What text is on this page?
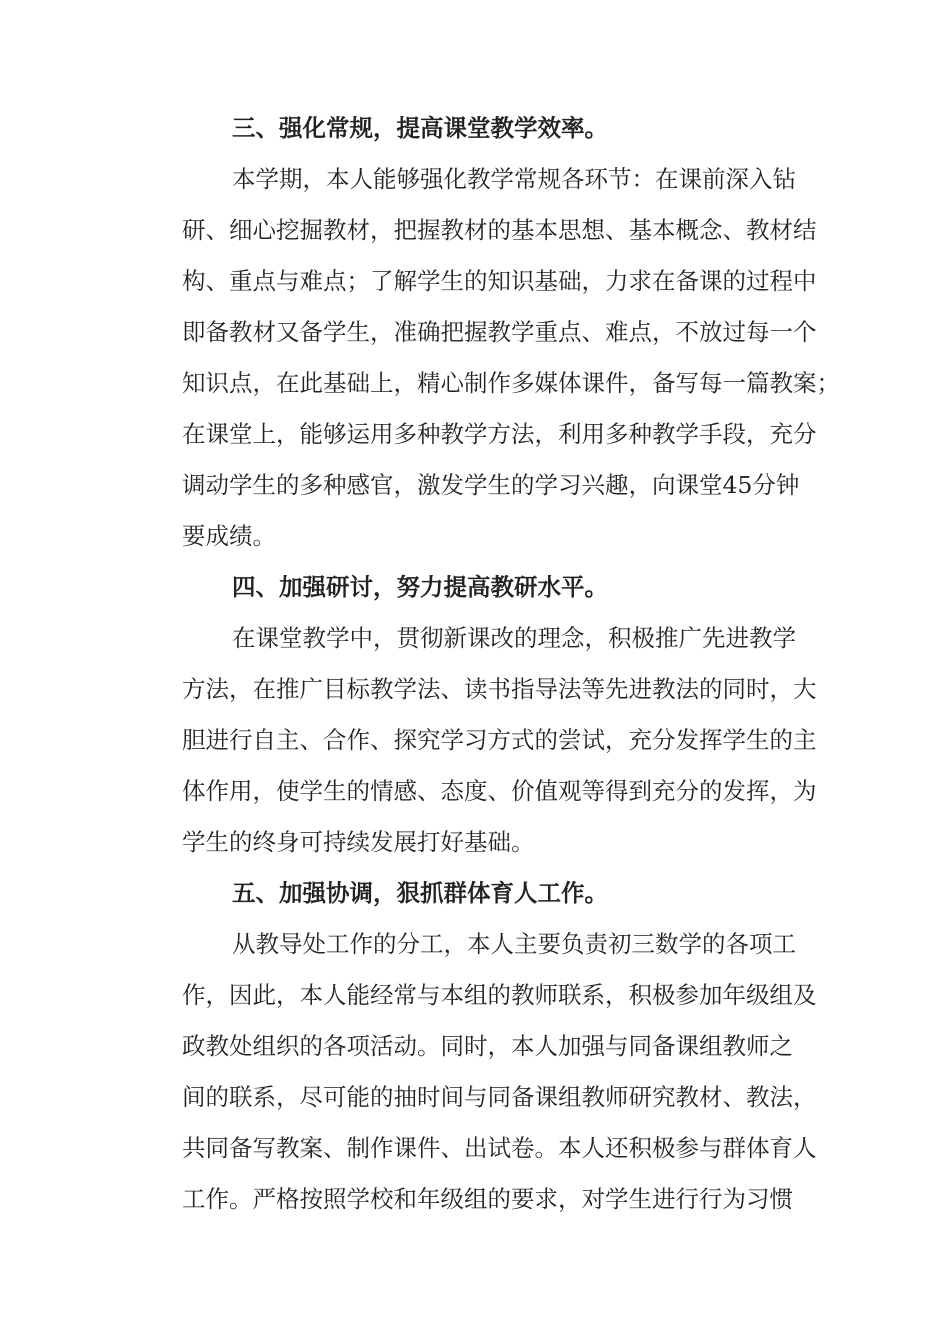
三、强化常规，提高课堂教学效率。
本学期，本人能够强化教学常规各环节：在课前深入钻
研、细心挖掘教材，把握教材的基本思想、基本概念、教材结
构、重点与难点；了解学生的知识基础，力求在备课的过程中
即备教材又备学生，准确把握教学重点、难点，不放过每一个
知识点，在此基础上，精心制作多媒体课件，备写每一篇教案；
在课堂上，能够运用多种教学方法，利用多种教学手段，充分
调动学生的多种感官，激发学生的学习兴趣，向课堂45分钟
要成绩。
四、加强研讨，努力提高教研水平。
在课堂教学中，贯彻新课改的理念，积极推广先进教学
方法，在推广目标教学法、读书指导法等先进教法的同时，大
胆进行自主、合作、探究学习方式的尝试，充分发挥学生的主
体作用，使学生的情感、态度、价值观等得到充分的发挥，为
学生的终身可持续发展打好基础。
五、加强协调，狠抓群体育人工作。
从教导处工作的分工，本人主要负责初三数学的各项工
作，因此，本人能经常与本组的教师联系，积极参加年级组及
政教处组织的各项活动。同时，本人加强与同备课组教师之
间的联系，尽可能的抽时间与同备课组教师研究教材、教法，
共同备写教案、制作课件、出试卷。本人还积极参与群体育人
工作。严格按照学校和年级组的要求，对学生进行行为习惯
